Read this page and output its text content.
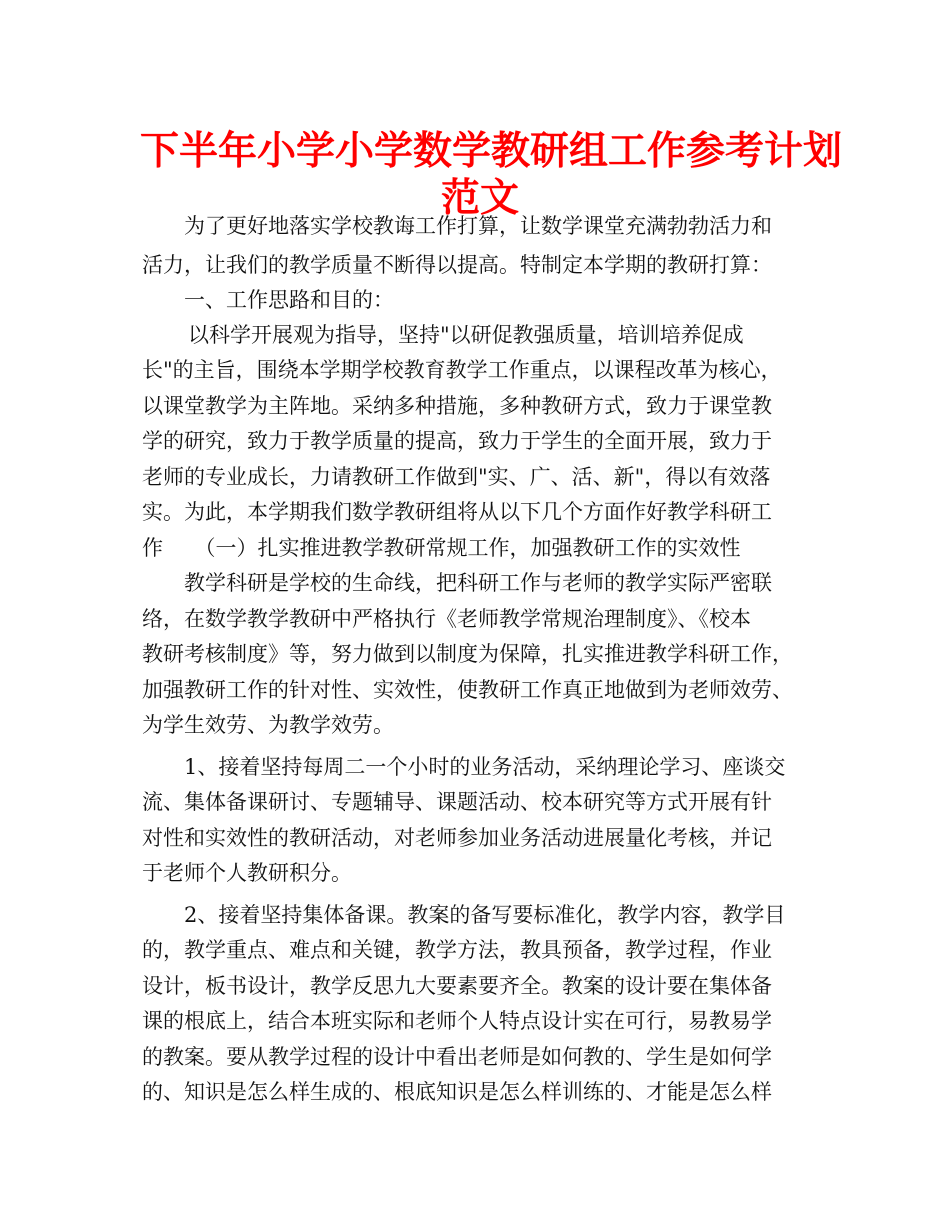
下半年小学小学数学教研组工作参考计划
范文
为了更好地落实学校教诲工作打算，让数学课堂充满勃勃活力和
活力，让我们的教学质量不断得以提高。特制定本学期的教研打算：
一、工作思路和目的：
以科学开展观为指导，坚持"以研促教强质量，培训培养促成
长"的主旨，围绕本学期学校教育教学工作重点，以课程改革为核心，
以课堂教学为主阵地。采纳多种措施，多种教研方式，致力于课堂教
学的研究，致力于教学质量的提高，致力于学生的全面开展，致力于
老师的专业成长，力请教研工作做到"实、广、活、新"，得以有效落
实。为此，本学期我们数学教研组将从以下几个方面作好教学科研工
作　　（一）扎实推进教学教研常规工作，加强教研工作的实效性
教学科研是学校的生命线，把科研工作与老师的教学实际严密联
络，在数学教学教研中严格执行《老师教学常规治理制度》、《校本
教研考核制度》等，努力做到以制度为保障，扎实推进教学科研工作，
加强教研工作的针对性、实效性，使教研工作真正地做到为老师效劳、
为学生效劳、为教学效劳。
1、接着坚持每周二一个小时的业务活动，采纳理论学习、座谈交
流、集体备课研讨、专题辅导、课题活动、校本研究等方式开展有针
对性和实效性的教研活动，对老师参加业务活动进展量化考核，并记
于老师个人教研积分。
2、接着坚持集体备课。教案的备写要标准化，教学内容，教学目
的，教学重点、难点和关键，教学方法，教具预备，教学过程，作业
设计，板书设计，教学反思九大要素要齐全。教案的设计要在集体备
课的根底上，结合本班实际和老师个人特点设计实在可行，易教易学
的教案。要从教学过程的设计中看出老师是如何教的、学生是如何学
的、知识是怎么样生成的、根底知识是怎么样训练的、才能是怎么样
